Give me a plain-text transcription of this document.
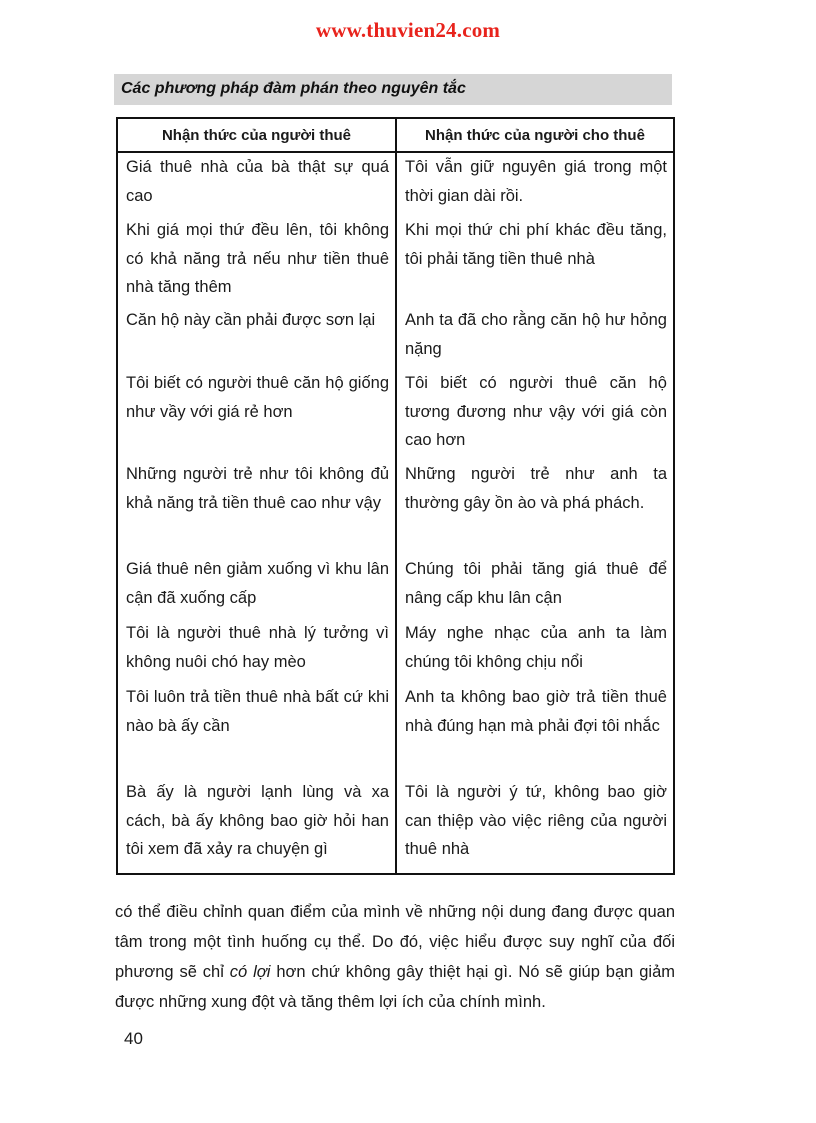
www.thuvien24.com
Các phương pháp đàm phán theo nguyên tắc
Nhận thức của người thuê	Nhận thức của người cho thuê
Giá thuê nhà của bà thật sự quá cao	Tôi vẫn giữ nguyên giá trong một thời gian dài rồi.
Khi giá mọi thứ đều lên, tôi không có khả năng trả nếu như tiền thuê nhà tăng thêm	Khi mọi thứ chi phí khác đều tăng, tôi phải tăng tiền thuê nhà
Căn hộ này cần phải được sơn lại	Anh ta đã cho rằng căn hộ hư hỏng nặng
Tôi biết có người thuê căn hộ giống như vầy với giá rẻ hơn	Tôi biết có người thuê căn hộ tương đương như vậy với giá còn cao hơn
Những người trẻ như tôi không đủ khả năng trả tiền thuê cao như vậy	Những người trẻ như anh ta thường gây ồn ào và phá phách.
Giá thuê nên giảm xuống vì khu lân cận đã xuống cấp	Chúng tôi phải tăng giá thuê để nâng cấp khu lân cận
Tôi là người thuê nhà lý tưởng vì không nuôi chó hay mèo	Máy nghe nhạc của anh ta làm chúng tôi không chịu nổi
Tôi luôn trả tiền thuê nhà bất cứ khi nào bà ấy cần	Anh ta không bao giờ trả tiền thuê nhà đúng hạn mà phải đợi tôi nhắc
Bà ấy là người lạnh lùng và xa cách, bà ấy không bao giờ hỏi han tôi xem đã xảy ra chuyện gì	Tôi là người ý tứ, không bao giờ can thiệp vào việc riêng của người thuê nhà

có thể điều chỉnh quan điểm của mình về những nội dung đang được quan tâm trong một tình huống cụ thể. Do đó, việc hiểu được suy nghĩ của đối phương sẽ chỉ có lợi hơn chứ không gây thiệt hại gì. Nó sẽ giúp bạn giảm được những xung đột và tăng thêm lợi ích của chính mình.

40
